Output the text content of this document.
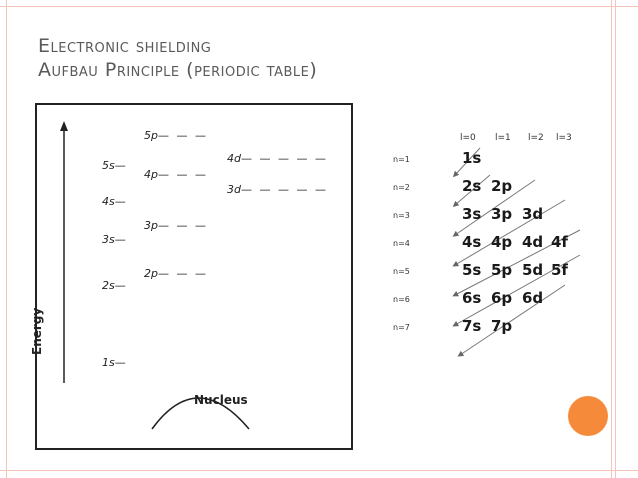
Electronic shielding
Aufbau Principle (periodic table)
Energy
Nucleus
5s—
4s—
3s—
2s—
1s—
5p— — —
4p— — —
3p— — —
2p— — —
4d— — — — —
3d— — — — —
l=0 l=1 l=2 l=3
n=1
n=2
n=3
n=4
n=5
n=6
n=7
1s
2s 2p
3s 3p 3d
4s 4p 4d 4f
5s 5p 5d 5f
6s 6p 6d
7s 7p
